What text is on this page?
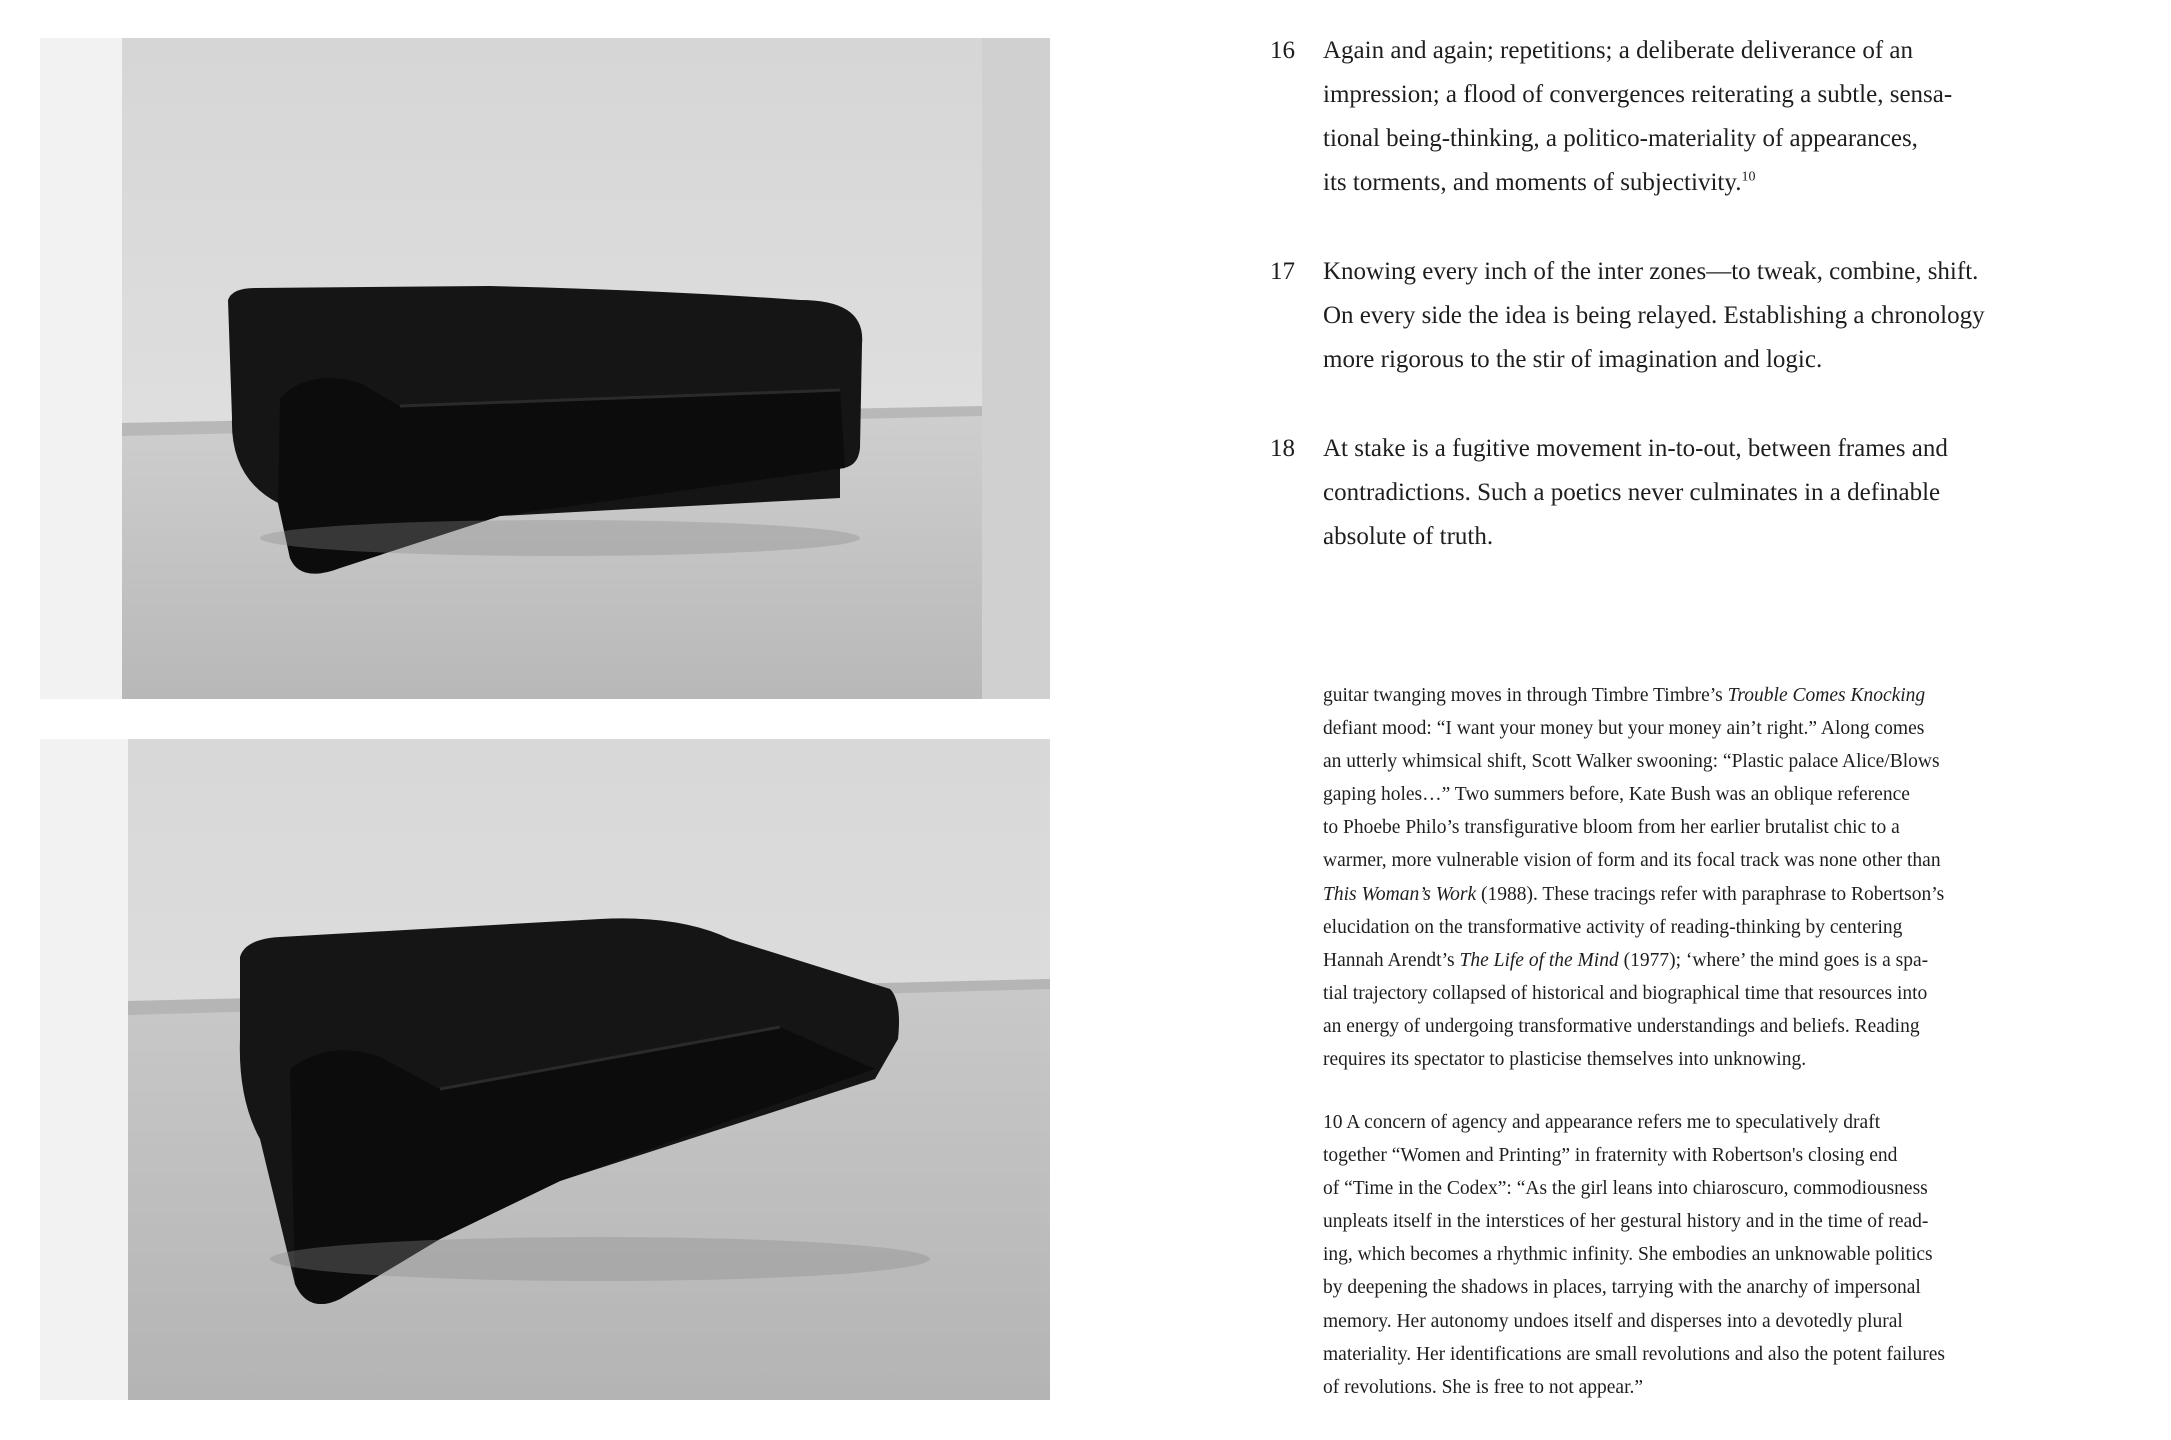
16	Again and again; repetitions; a deliberate deliverance of an
impression; a flood of convergences reiterating a subtle, sensa-
tional being-thinking, a politico-materiality of appearances,
its torments, and moments of subjectivity.$^{10}$
17	Knowing every inch of the inter zones—to tweak, combine, shift.
On every side the idea is being relayed. Establishing a chronology
more rigorous to the stir of imagination and logic.
18	At stake is a fugitive movement in-to-out, between frames and
contradictions. Such a poetics never culminates in a definable
absolute of truth.
guitar twanging moves in through Timbre Timbre’s Trouble Comes Knocking
defiant mood: “I want your money but your money ain’t right.” Along comes
an utterly whimsical shift, Scott Walker swooning: “Plastic palace Alice/Blows
gaping holes…” Two summers before, Kate Bush was an oblique reference
to Phoebe Philo’s transfigurative bloom from her earlier brutalist chic to a
warmer, more vulnerable vision of form and its focal track was none other than
This Woman’s Work (1988). These tracings refer with paraphrase to Robertson’s
elucidation on the transformative activity of reading-thinking by centering
Hannah Arendt’s The Life of the Mind (1977); ‘where’ the mind goes is a spa-
tial trajectory collapsed of historical and biographical time that resources into
an energy of undergoing transformative understandings and beliefs. Reading
requires its spectator to plasticise themselves into unknowing.
10 A concern of agency and appearance refers me to speculatively draft
together “Women and Printing” in fraternity with Robertson's closing end
of “Time in the Codex”: “As the girl leans into chiaroscuro, commodiousness
unpleats itself in the interstices of her gestural history and in the time of read-
ing, which becomes a rhythmic infinity. She embodies an unknowable politics
by deepening the shadows in places, tarrying with the anarchy of impersonal
memory. Her autonomy undoes itself and disperses into a devotedly plural
materiality. Her identifications are small revolutions and also the potent failures
of revolutions. She is free to not appear.”
